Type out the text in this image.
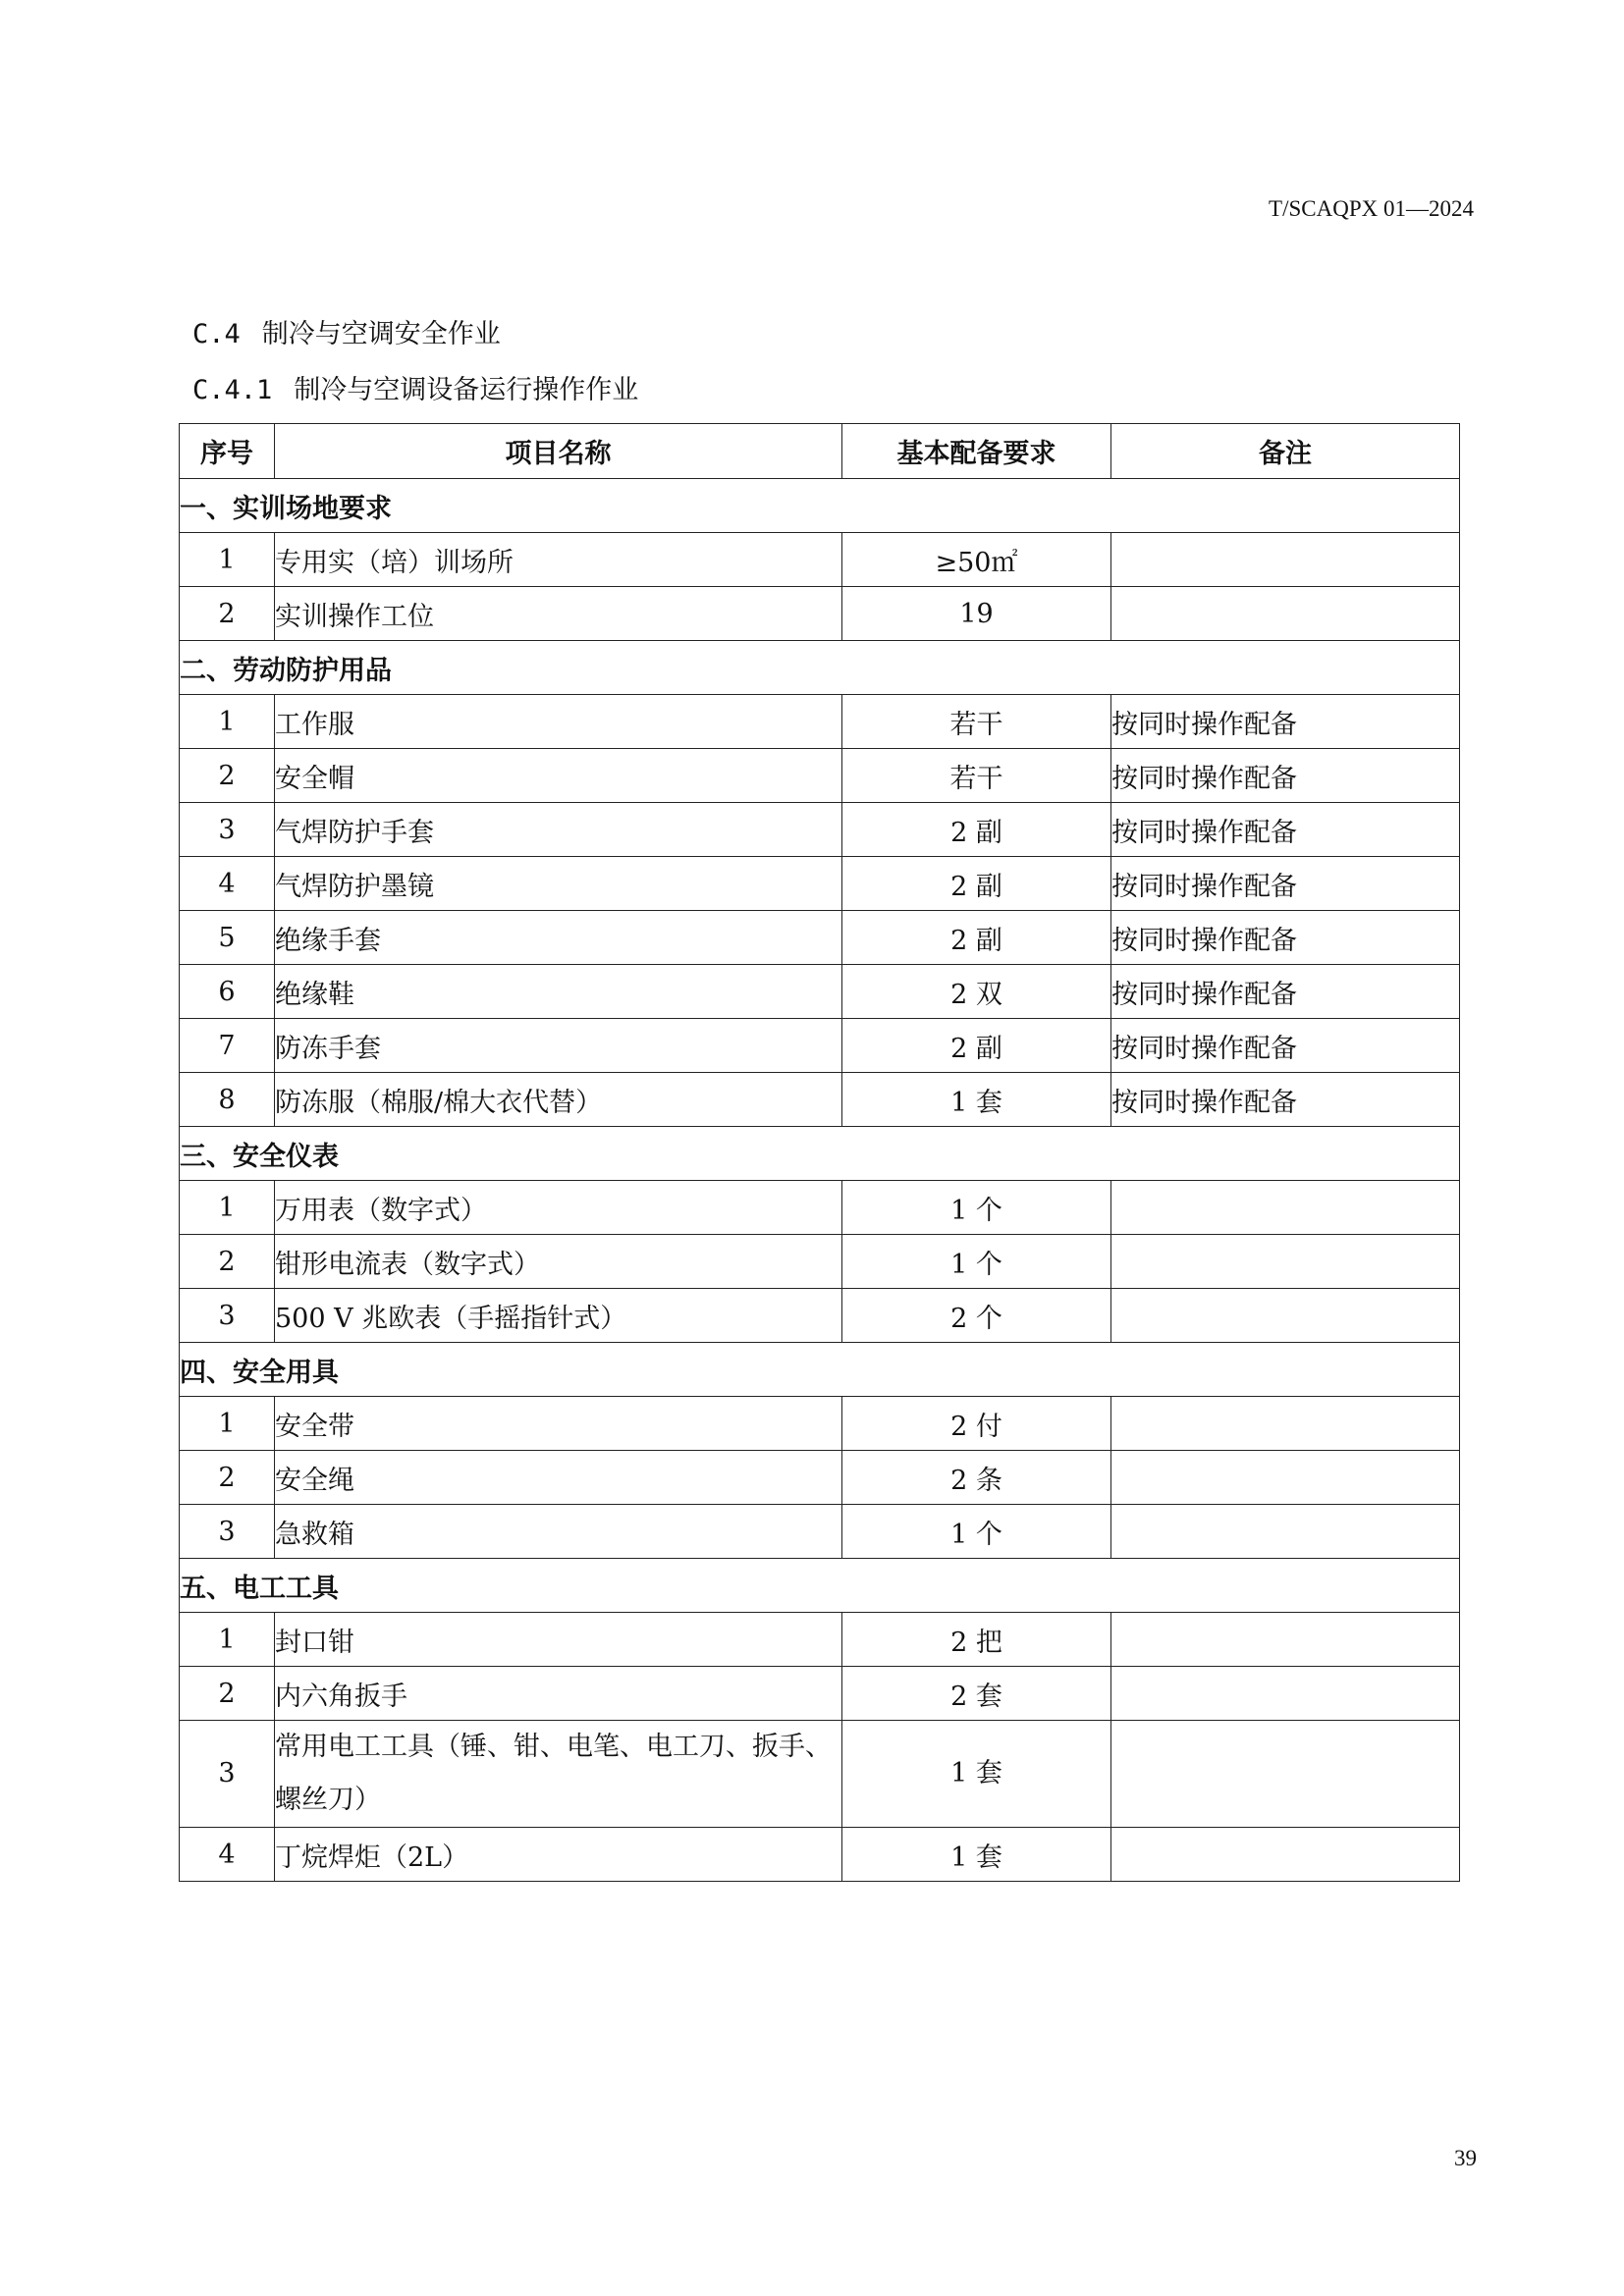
T/SCAQPX 01—2024
C.4 制冷与空调安全作业
C.4.1 制冷与空调设备运行操作作业
序号	项目名称	基本配备要求	备注
一、实训场地要求			
1	专用实（培）训场所	≥50㎡	
2	实训操作工位	19	
二、劳动防护用品			
1	工作服	若干	按同时操作配备
2	安全帽	若干	按同时操作配备
3	气焊防护手套	2 副	按同时操作配备
4	气焊防护墨镜	2 副	按同时操作配备
5	绝缘手套	2 副	按同时操作配备
6	绝缘鞋	2 双	按同时操作配备
7	防冻手套	2 副	按同时操作配备
8	防冻服（棉服/棉大衣代替）	1 套	按同时操作配备
三、安全仪表			
1	万用表（数字式）	1 个	
2	钳形电流表（数字式）	1 个	
3	500 V 兆欧表（手摇指针式）	2 个	
四、安全用具			
1	安全带	2 付	
2	安全绳	2 条	
3	急救箱	1 个	
五、电工工具			
1	封口钳	2 把	
2	内六角扳手	2 套	
3	常用电工工具（锤、钳、电笔、电工刀、扳手、螺丝刀）	1 套	
4	丁烷焊炬（2L）	1 套	
39
